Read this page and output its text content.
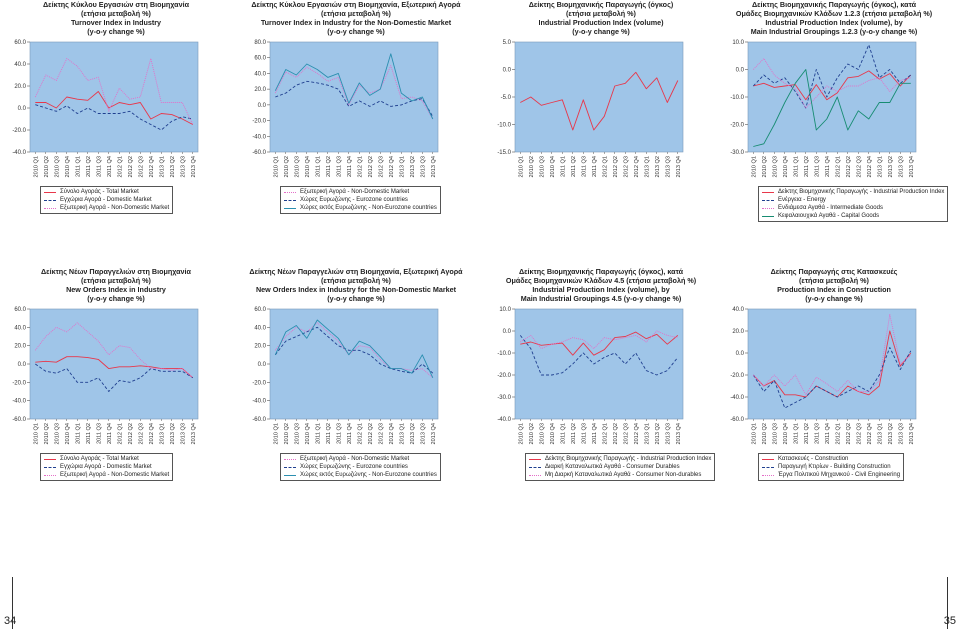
Δείκτης Κύκλου Εργασιών στη Βιομηχανία
(ετήσια μεταβολή %)
Turnover Index in Industry
(y-o-y change %)
60.0
40.0
20.0
0.0
-20.0
-40.0
2010 Q1 2010 Q2 2010 Q3 2010 Q4 2011 Q1 2011 Q2 2011 Q3 2011 Q4 2012 Q1 2012 Q2 2012 Q3 2012 Q4 2013 Q1 2013 Q2 2013 Q3 2013 Q4
Σύνολο Αγοράς - Total Market
Εγχώρια Αγορά - Domestic Market
Εξωτερική Αγορά - Non-Domestic Market
Δείκτης Κύκλου Εργασιών στη Βιομηχανία, Εξωτερική Αγορά
(ετήσια μεταβολή %)
Turnover Index in Industry for the Non-Domestic Market
(y-o-y change %)
80.0
60.0
40.0
20.0
0.0
-20.0
-40.0
-60.0
2010 Q1 2010 Q2 2010 Q3 2010 Q4 2011 Q1 2011 Q2 2011 Q3 2011 Q4 2012 Q1 2012 Q2 2012 Q3 2012 Q4 2013 Q1 2013 Q2 2013 Q3 2013 Q4
Εξωτερική Αγορά - Non-Domestic Market
Χώρες Ευρωζώνης - Eurozone countries
Χώρες εκτός Ευρωζώνης - Non-Eurozone countries
Δείκτης Βιομηχανικής Παραγωγής (όγκος)
(ετήσια μεταβολή %)
Industrial Production Index (volume)
(y-o-y change %)
5.0
0.0
-5.0
-10.0
-15.0
2010 Q1 2010 Q2 2010 Q3 2010 Q4 2011 Q1 2011 Q2 2011 Q3 2011 Q4 2012 Q1 2012 Q2 2012 Q3 2012 Q4 2013 Q1 2013 Q2 2013 Q3 2013 Q4
Δείκτης Βιομηχανικής Παραγωγής (όγκος), κατά
Ομάδες Βιομηχανικών Κλάδων 1.2.3 (ετήσια μεταβολή %)
Industrial Production Index (volume), by
Main Industrial Groupings 1.2.3 (y-o-y change %)
10.0
0.0
-10.0
-20.0
-30.0
2010 Q1 2010 Q2 2010 Q3 2010 Q4 2011 Q1 2011 Q2 2011 Q3 2011 Q4 2012 Q1 2012 Q2 2012 Q3 2012 Q4 2013 Q1 2013 Q2 2013 Q3 2013 Q4
Δείκτης Βιομηχανικής Παραγωγής - Industrial Production Index
Ενέργεια - Energy
Ενδιάμεσα Αγαθά - Intermediate Goods
Κεφαλαιουχικά Αγαθά - Capital Goods
Δείκτης Νέων Παραγγελιών στη Βιομηχανία
(ετήσια μεταβολή %)
New Orders Index in Industry
(y-o-y change %)
60.0
40.0
20.0
0.0
-20.0
-40.0
-60.0
2010 Q1 2010 Q2 2010 Q3 2010 Q4 2011 Q1 2011 Q2 2011 Q3 2011 Q4 2012 Q1 2012 Q2 2012 Q3 2012 Q4 2013 Q1 2013 Q2 2013 Q3 2013 Q4
Σύνολο Αγοράς - Total Market
Εγχώρια Αγορά - Domestic Market
Εξωτερική Αγορά - Non-Domestic Market
Δείκτης Νέων Παραγγελιών στη Βιομηχανία, Εξωτερική Αγορά
(ετήσια μεταβολή %)
New Orders Index in Industry for the Non-Domestic Market
(y-o-y change %)
60.0
40.0
20.0
0.0
-20.0
-40.0
-60.0
2010 Q1 2010 Q2 2010 Q3 2010 Q4 2011 Q1 2011 Q2 2011 Q3 2011 Q4 2012 Q1 2012 Q2 2012 Q3 2012 Q4 2013 Q1 2013 Q2 2013 Q3 2013 Q4
Εξωτερική Αγορά - Non-Domestic Market
Χώρες Ευρωζώνης - Eurozone countries
Χώρες εκτός Ευρωζώνης - Non-Eurozone countries
Δείκτης Βιομηχανικής Παραγωγής (όγκος), κατά
Ομάδες Βιομηχανικών Κλάδων 4.5 (ετήσια μεταβολή %)
Industrial Production Index (volume), by
Main Industrial Groupings 4.5 (y-o-y change %)
10.0
0.0
-10.0
-20.0
-30.0
-40.0
2010 Q1 2010 Q2 2010 Q3 2010 Q4 2011 Q1 2011 Q2 2011 Q3 2011 Q4 2012 Q1 2012 Q2 2012 Q3 2012 Q4 2013 Q1 2013 Q2 2013 Q3 2013 Q4
Δείκτης Βιομηχανικής Παραγωγής - Industrial Production Index
Διαρκή Καταναλωτικά Αγαθά - Consumer Durables
Μη Διαρκή Καταναλωτικά Αγαθά - Consumer Non-durables
Δείκτης Παραγωγής στις Κατασκευές
(ετήσια μεταβολή %)
Production Index in Construction
(y-o-y change %)
40.0
20.0
0.0
-20.0
-40.0
-60.0
2010 Q1 2010 Q2 2010 Q3 2010 Q4 2011 Q1 2011 Q2 2011 Q3 2011 Q4 2012 Q1 2012 Q2 2012 Q3 2012 Q4 2013 Q1 2013 Q2 2013 Q3 2013 Q4
Κατασκευές - Construction
Παραγωγή Κτιρίων - Building Construction
Έργα Πολιτικού Μηχανικού - Civil Engineering
34	35
